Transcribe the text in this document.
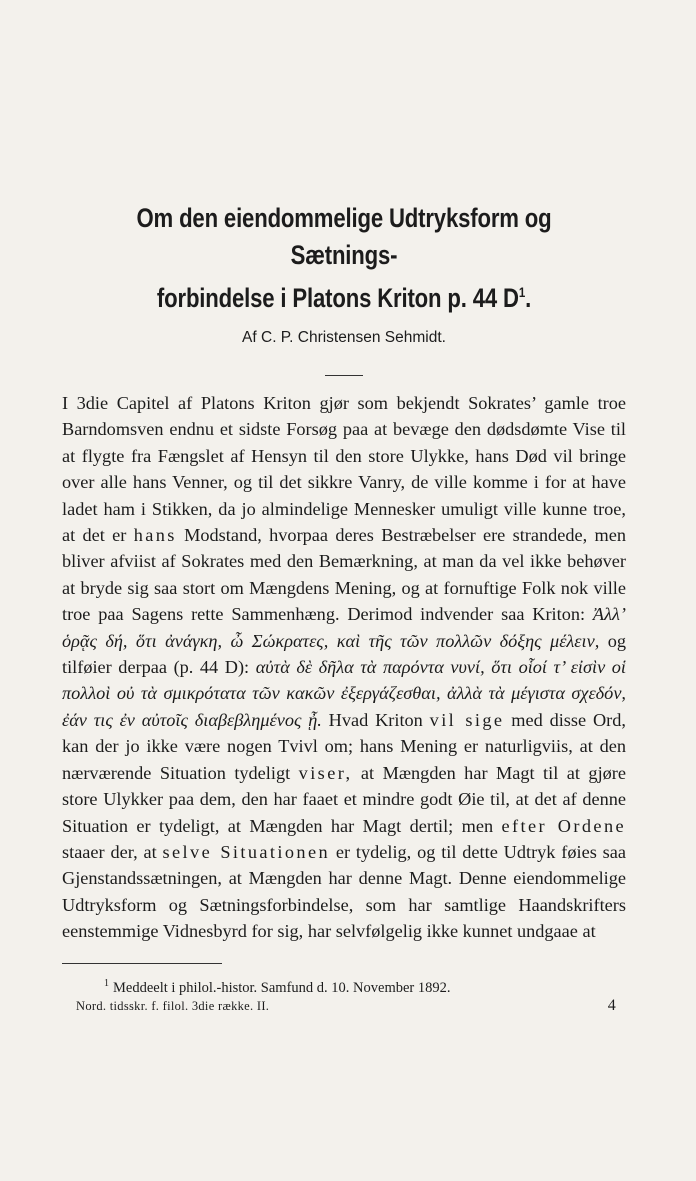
Om den eiendommelige Udtryksform og Sætnings-
forbindelse i Platons Kriton p. 44 $D^1$.
Af C. P. Christensen Sehmidt.

I 3die Capitel af Platons Kriton gjør som bekjendt Sokrates’ gamle troe Barndomsven endnu et sidste Forsøg paa at bevæge den dødsdømte Vise til at flygte fra Fængslet af Hensyn til den store Ulykke, hans Død vil bringe over alle hans Venner, og til det sikkre Vanry, de ville komme i for at have ladet ham i Stikken, da jo almindelige Mennesker umuligt ville kunne troe, at det er hans Modstand, hvorpaa deres Bestræbelser ere strandede, men bliver afviist af Sokrates med den Bemærkning, at man da vel ikke behøver at bryde sig saa stort om Mængdens Mening, og at fornuftige Folk nok ville troe paa Sagens rette Sammenhæng. Derimod indvender saa Kriton: Ἀλλ’ ὁρᾷς δή, ὅτι ἀνάγκη, ὦ Σώκρατες, καὶ τῆς τῶν πολλῶν δόξης μέλειν, og tilføier derpaa (p. 44 D): αὐτὰ δὲ δῆλα τὰ παρόντα νυνί, ὅτι οἷοί τ’ εἰσὶν οἱ πολλοὶ οὐ τὰ σμικρότατα τῶν κακῶν ἐξεργάζεσθαι, ἀλλὰ τὰ μέγιστα σχεδόν, ἐάν τις ἐν αὐτοῖς διαβεβλημένος ᾖ. Hvad Kriton vil sige med disse Ord, kan der jo ikke være nogen Tvivl om; hans Mening er naturligviis, at den nærværende Situation tydeligt viser, at Mængden har Magt til at gjøre store Ulykker paa dem, den har faaet et mindre godt Øie til, at det af denne Situation er tydeligt, at Mængden har Magt dertil; men efter Ordene staaer der, at selve Situationen er tydelig, og til dette Udtryk føies saa Gjenstandssætningen, at Mængden har denne Magt. Denne eiendommelige Udtryksform og Sætningsforbindelse, som har samtlige Haandskrifters eenstemmige Vidnesbyrd for sig, har selvfølgelig ikke kunnet undgaae at

$^1$ Meddeelt i philol.-histor. Samfund d. 10. November 1892.
Nord. tidsskr. f. filol. 3die række. II.	4
